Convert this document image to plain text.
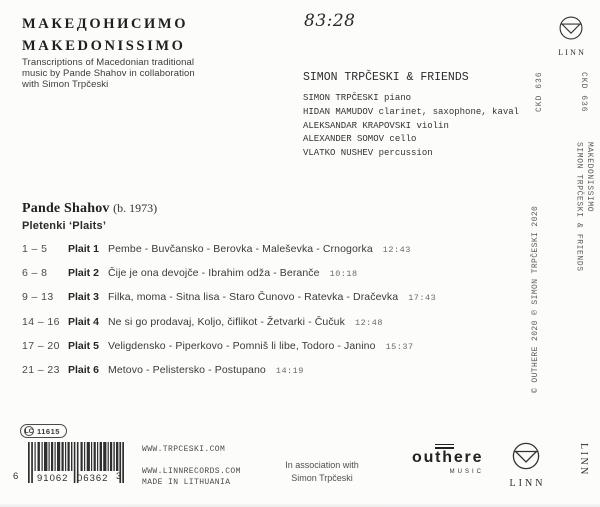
МАКЕДОНИСИМО
MAKEDONISSIMO
Transcriptions of Macedonian traditional
music by Pande Shahov in collaboration
with Simon Trpčeski
83:28
SIMON TRPČESKI & FRIENDS
SIMON TRPČESKI piano
HIDAN MAMUDOV clarinet, saxophone, kaval
ALEKSANDAR KRAPOVSKI violin
ALEXANDER SOMOV cello
VLATKO NUSHEV percussion
LINN
CKD 636	CKD 636
MAKEDONISSIMO
SIMON TRPČESKI & FRIENDS
© OUTHERE 2020 ℗ SIMON TRPČESKI 2020
Pande Shahov (b. 1973)
Pletenki ‘Plaits’
1 – 5	Plait 1 Pembe - Buvčansko - Berovka - Maleševka - Crnogorka 12:43
6 – 8	Plait 2 Čije je ona devojče - Ibrahim odža - Beranče 10:18
9 – 13	Plait 3 Filka, moma - Sitna lisa - Staro Čunovo - Ratevka - Dračevka 17:43
14 – 16 Plait 4 Ne si go prodavaj, Koljo, čiflikot - Žetvarki - Čučuk 12:48
17 – 20 Plait 5 Veligdensko - Piperkovo - Pomniš li libe, Todoro - Janino 15:37
21 – 23 Plait 6 Metovo - Pelistersko - Postupano 14:19
LC 11615
6 91062 06362 3
WWW.TRPCESKI.COM
WWW.LINNRECORDS.COM
MADE IN LITHUANIA
In association with
Simon Trpčeski
outhere
MUSIC
LINN
LINN
